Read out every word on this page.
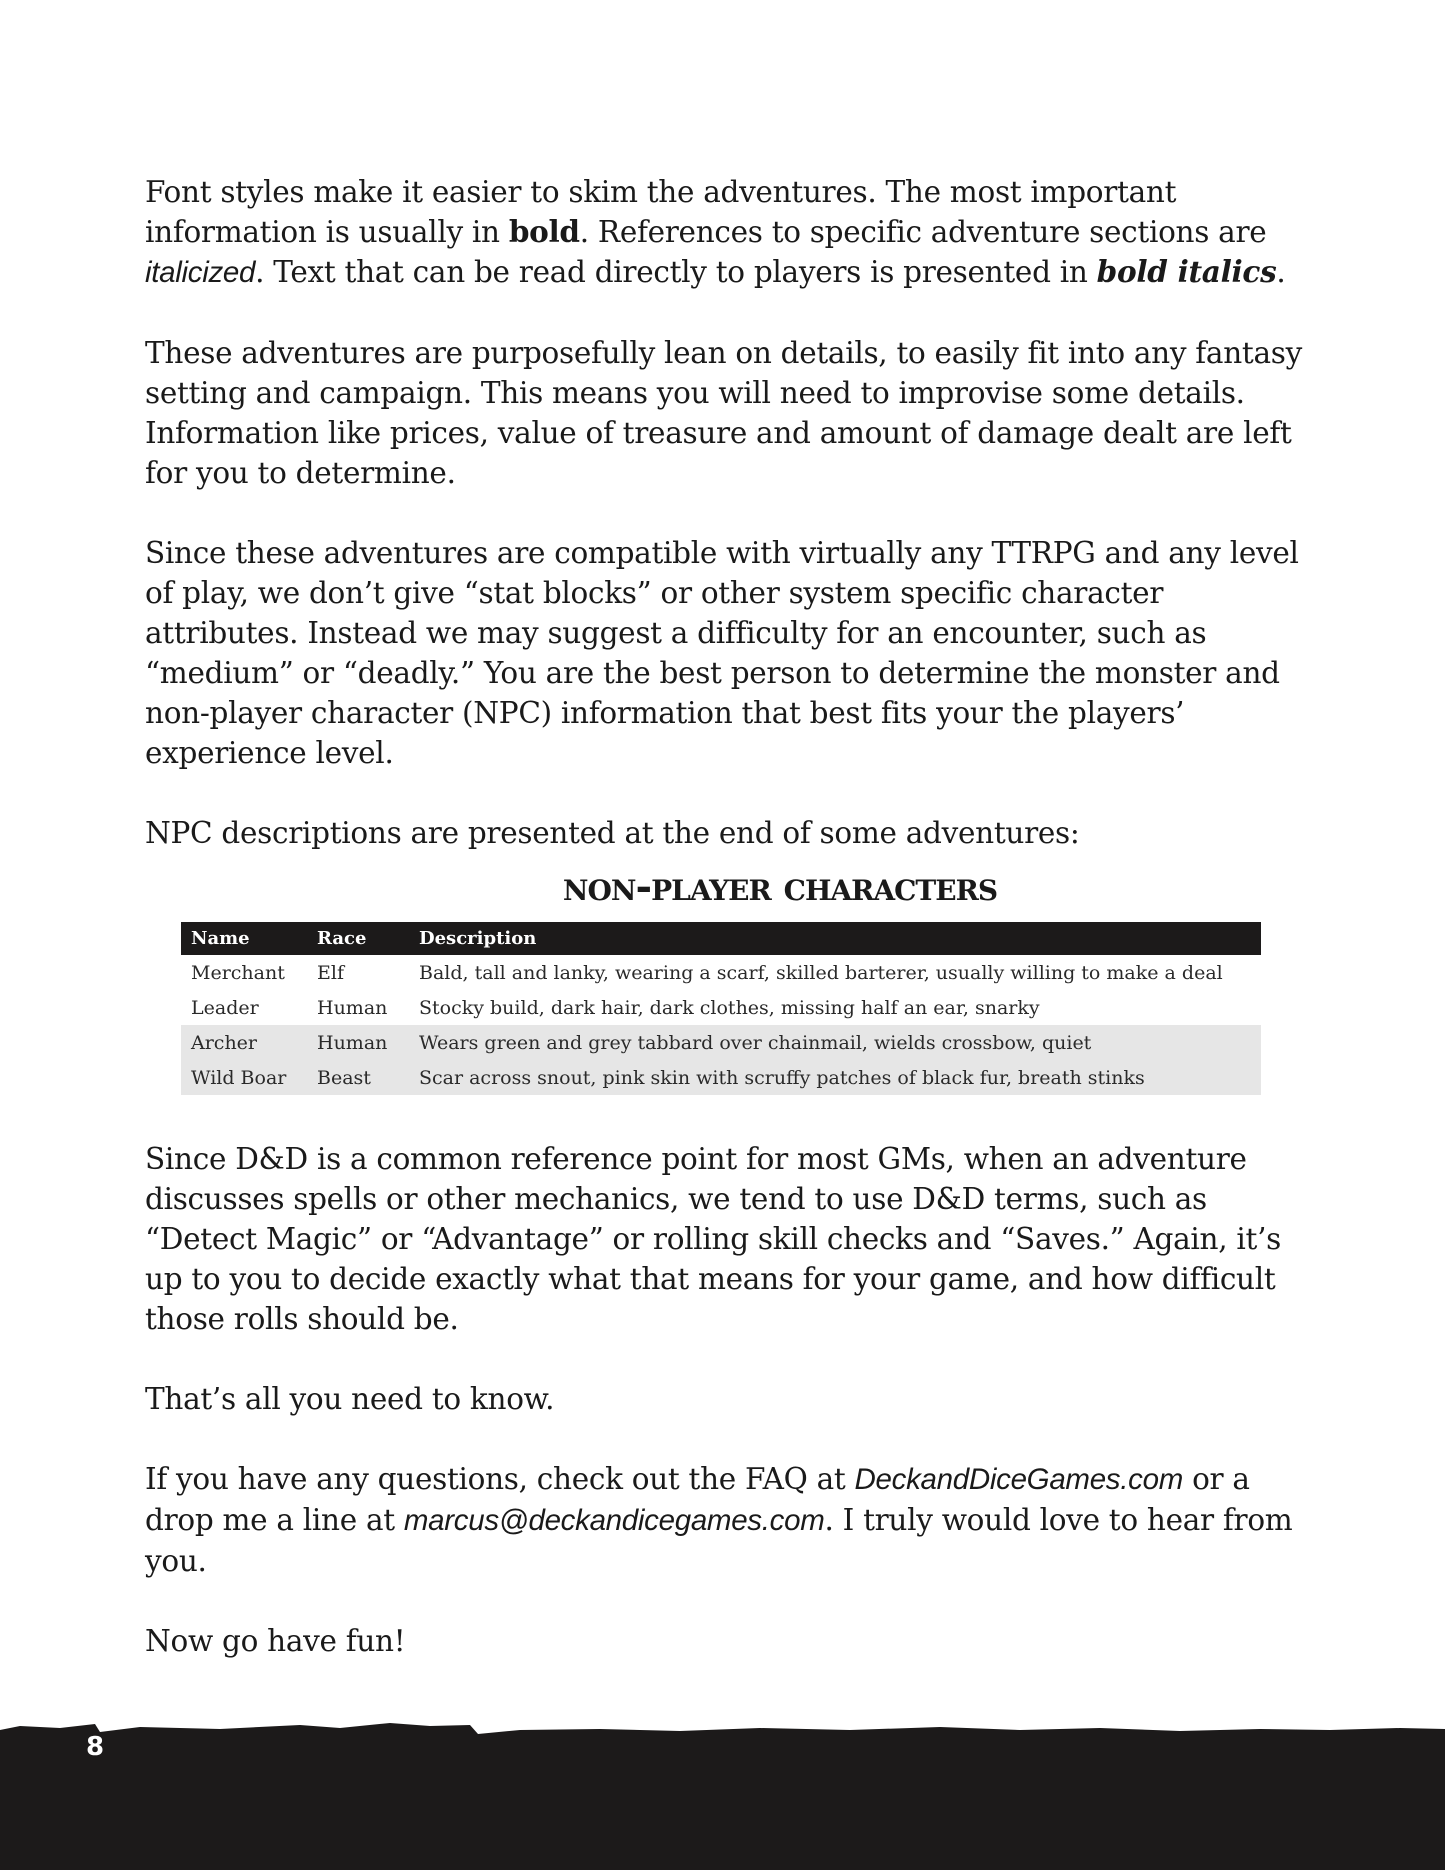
Font styles make it easier to skim the adventures. The most important information is usually in bold. References to specific adventure sections are italicized. Text that can be read directly to players is presented in bold italics.

These adventures are purposefully lean on details, to easily fit into any fantasy setting and campaign. This means you will need to improvise some details. Information like prices, value of treasure and amount of damage dealt are left for you to determine.

Since these adventures are compatible with virtually any TTRPG and any level of play, we don’t give “stat blocks” or other system specific character attributes. Instead we may suggest a difficulty for an encounter, such as “medium” or “deadly.” You are the best person to determine the monster and non-player character (NPC) information that best fits your the players’ experience level.

NPC descriptions are presented at the end of some adventures:

non-player characters
Name	Race	Description
Merchant	Elf	Bald, tall and lanky, wearing a scarf, skilled barterer, usually willing to make a deal
Leader	Human	Stocky build, dark hair, dark clothes, missing half an ear, snarky
Archer	Human	Wears green and grey tabbard over chainmail, wields crossbow, quiet
Wild Boar	Beast	Scar across snout, pink skin with scruffy patches of black fur, breath stinks

Since D&D is a common reference point for most GMs, when an adventure discusses spells or other mechanics, we tend to use D&D terms, such as “Detect Magic” or “Advantage” or rolling skill checks and “Saves.” Again, it’s up to you to decide exactly what that means for your game, and how difficult those rolls should be.

That’s all you need to know.

If you have any questions, check out the FAQ at DeckandDiceGames.com or a drop me a line at marcus@deckandicegames.com. I truly would love to hear from you.

Now go have fun!

8
